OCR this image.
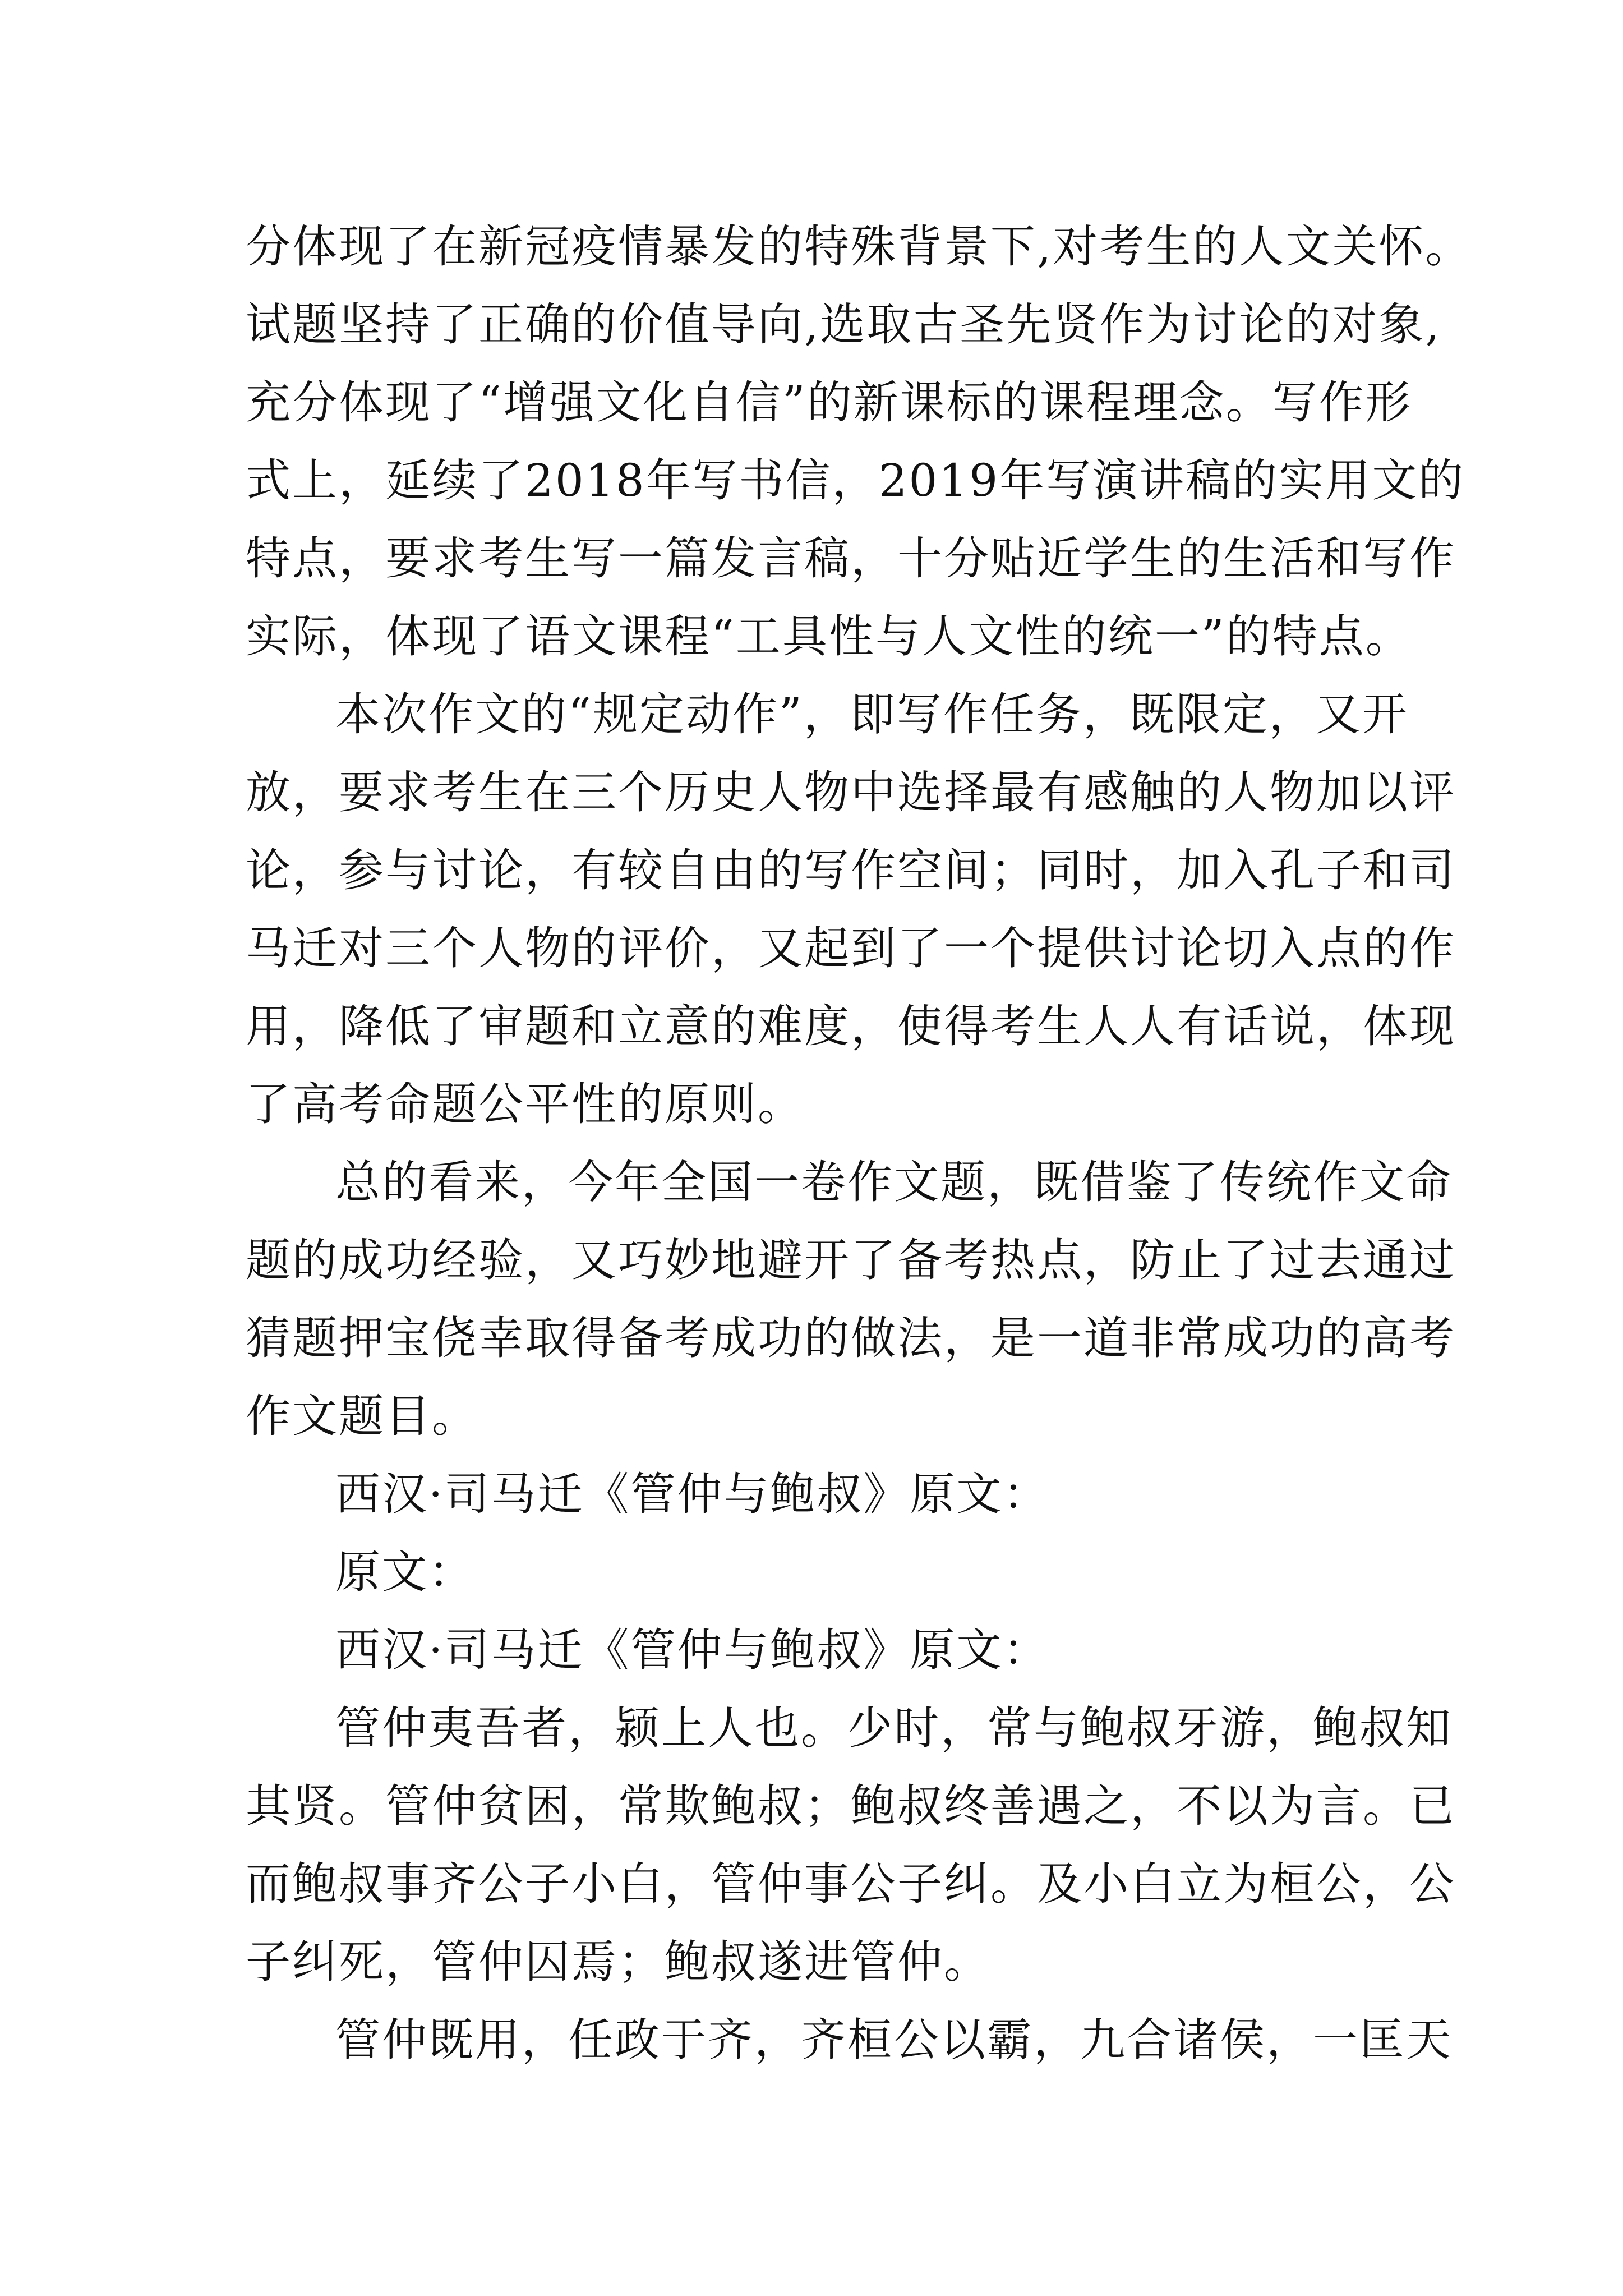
分体现了在新冠疫情暴发的特殊背景下,对考生的人文关怀。
试题坚持了正确的价值导向,选取古圣先贤作为讨论的对象,
充分体现了“增强文化自信”的新课标的课程理念。写作形
式上，延续了2018年写书信，2019年写演讲稿的实用文的
特点，要求考生写一篇发言稿，十分贴近学生的生活和写作
实际，体现了语文课程“工具性与人文性的统一”的特点。
本次作文的“规定动作”，即写作任务，既限定，又开
放，要求考生在三个历史人物中选择最有感触的人物加以评
论，参与讨论，有较自由的写作空间；同时，加入孔子和司
马迁对三个人物的评价，又起到了一个提供讨论切入点的作
用，降低了审题和立意的难度，使得考生人人有话说，体现
了高考命题公平性的原则。
总的看来，今年全国一卷作文题，既借鉴了传统作文命
题的成功经验，又巧妙地避开了备考热点，防止了过去通过
猜题押宝侥幸取得备考成功的做法，是一道非常成功的高考
作文题目。
西汉·司马迁《管仲与鲍叔》原文：
原文：
西汉·司马迁《管仲与鲍叔》原文：
管仲夷吾者，颍上人也。少时，常与鲍叔牙游，鲍叔知
其贤。管仲贫困，常欺鲍叔；鲍叔终善遇之，不以为言。已
而鲍叔事齐公子小白，管仲事公子纠。及小白立为桓公，公
子纠死，管仲囚焉；鲍叔遂进管仲。
管仲既用，任政于齐，齐桓公以霸，九合诸侯，一匡天
